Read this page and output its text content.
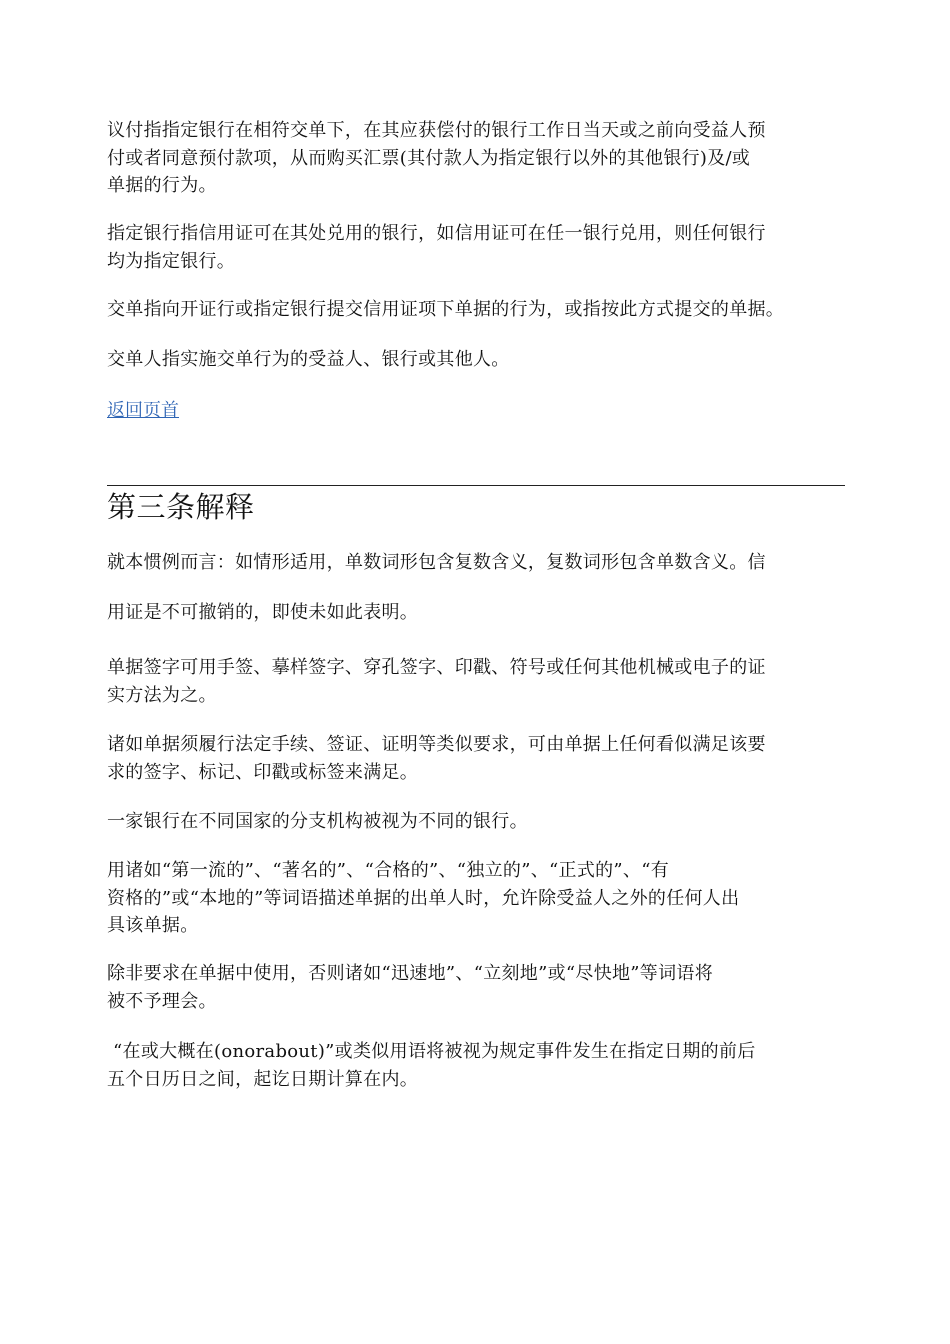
议付指指定银行在相符交单下，在其应获偿付的银行工作日当天或之前向受益人预
付或者同意预付款项，从而购买汇票(其付款人为指定银行以外的其他银行)及/或
单据的行为。

指定银行指信用证可在其处兑用的银行，如信用证可在任一银行兑用，则任何银行
均为指定银行。

交单指向开证行或指定银行提交信用证项下单据的行为，或指按此方式提交的单据。

交单人指实施交单行为的受益人、银行或其他人。

返回页首
第三条解释

就本惯例而言：如情形适用，单数词形包含复数含义，复数词形包含单数含义。信

用证是不可撤销的，即使未如此表明。

单据签字可用手签、摹样签字、穿孔签字、印戳、符号或任何其他机械或电子的证
实方法为之。

诸如单据须履行法定手续、签证、证明等类似要求，可由单据上任何看似满足该要
求的签字、标记、印戳或标签来满足。

一家银行在不同国家的分支机构被视为不同的银行。

用诸如“第一流的”、“著名的”、“合格的”、“独立的”、“正式的”、“有
资格的”或“本地的”等词语描述单据的出单人时，允许除受益人之外的任何人出
具该单据。

除非要求在单据中使用，否则诸如“迅速地”、“立刻地”或“尽快地”等词语将
被不予理会。

“在或大概在(onorabout)”或类似用语将被视为规定事件发生在指定日期的前后
五个日历日之间，起讫日期计算在内。
